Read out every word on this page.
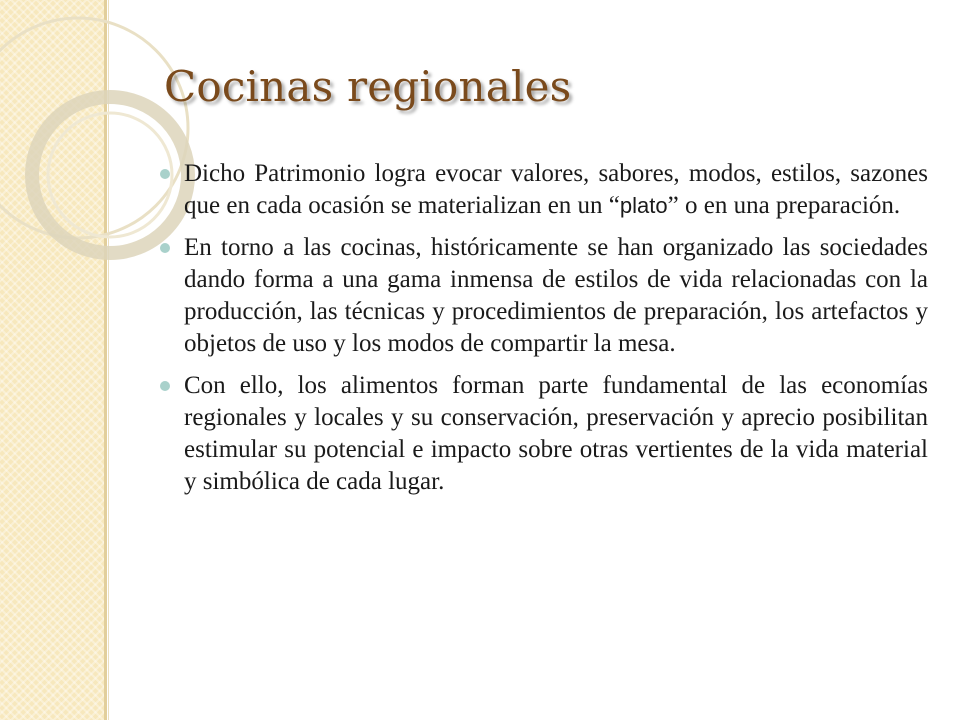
Cocinas regionales
Dicho Patrimonio logra evocar valores, sabores, modos, estilos, sazones que en cada ocasión se materializan en un “plato” o en una preparación.
En torno a las cocinas, históricamente se han organizado las sociedades dando forma a una gama inmensa de estilos de vida relacionadas con la producción, las técnicas y procedimientos de preparación, los artefactos y objetos de uso y los modos de compartir la mesa.
Con ello, los alimentos forman parte fundamental de las economías regionales y locales y su conservación, preservación y aprecio posibilitan estimular su potencial e impacto sobre otras vertientes de la vida material y simbólica de cada lugar.
